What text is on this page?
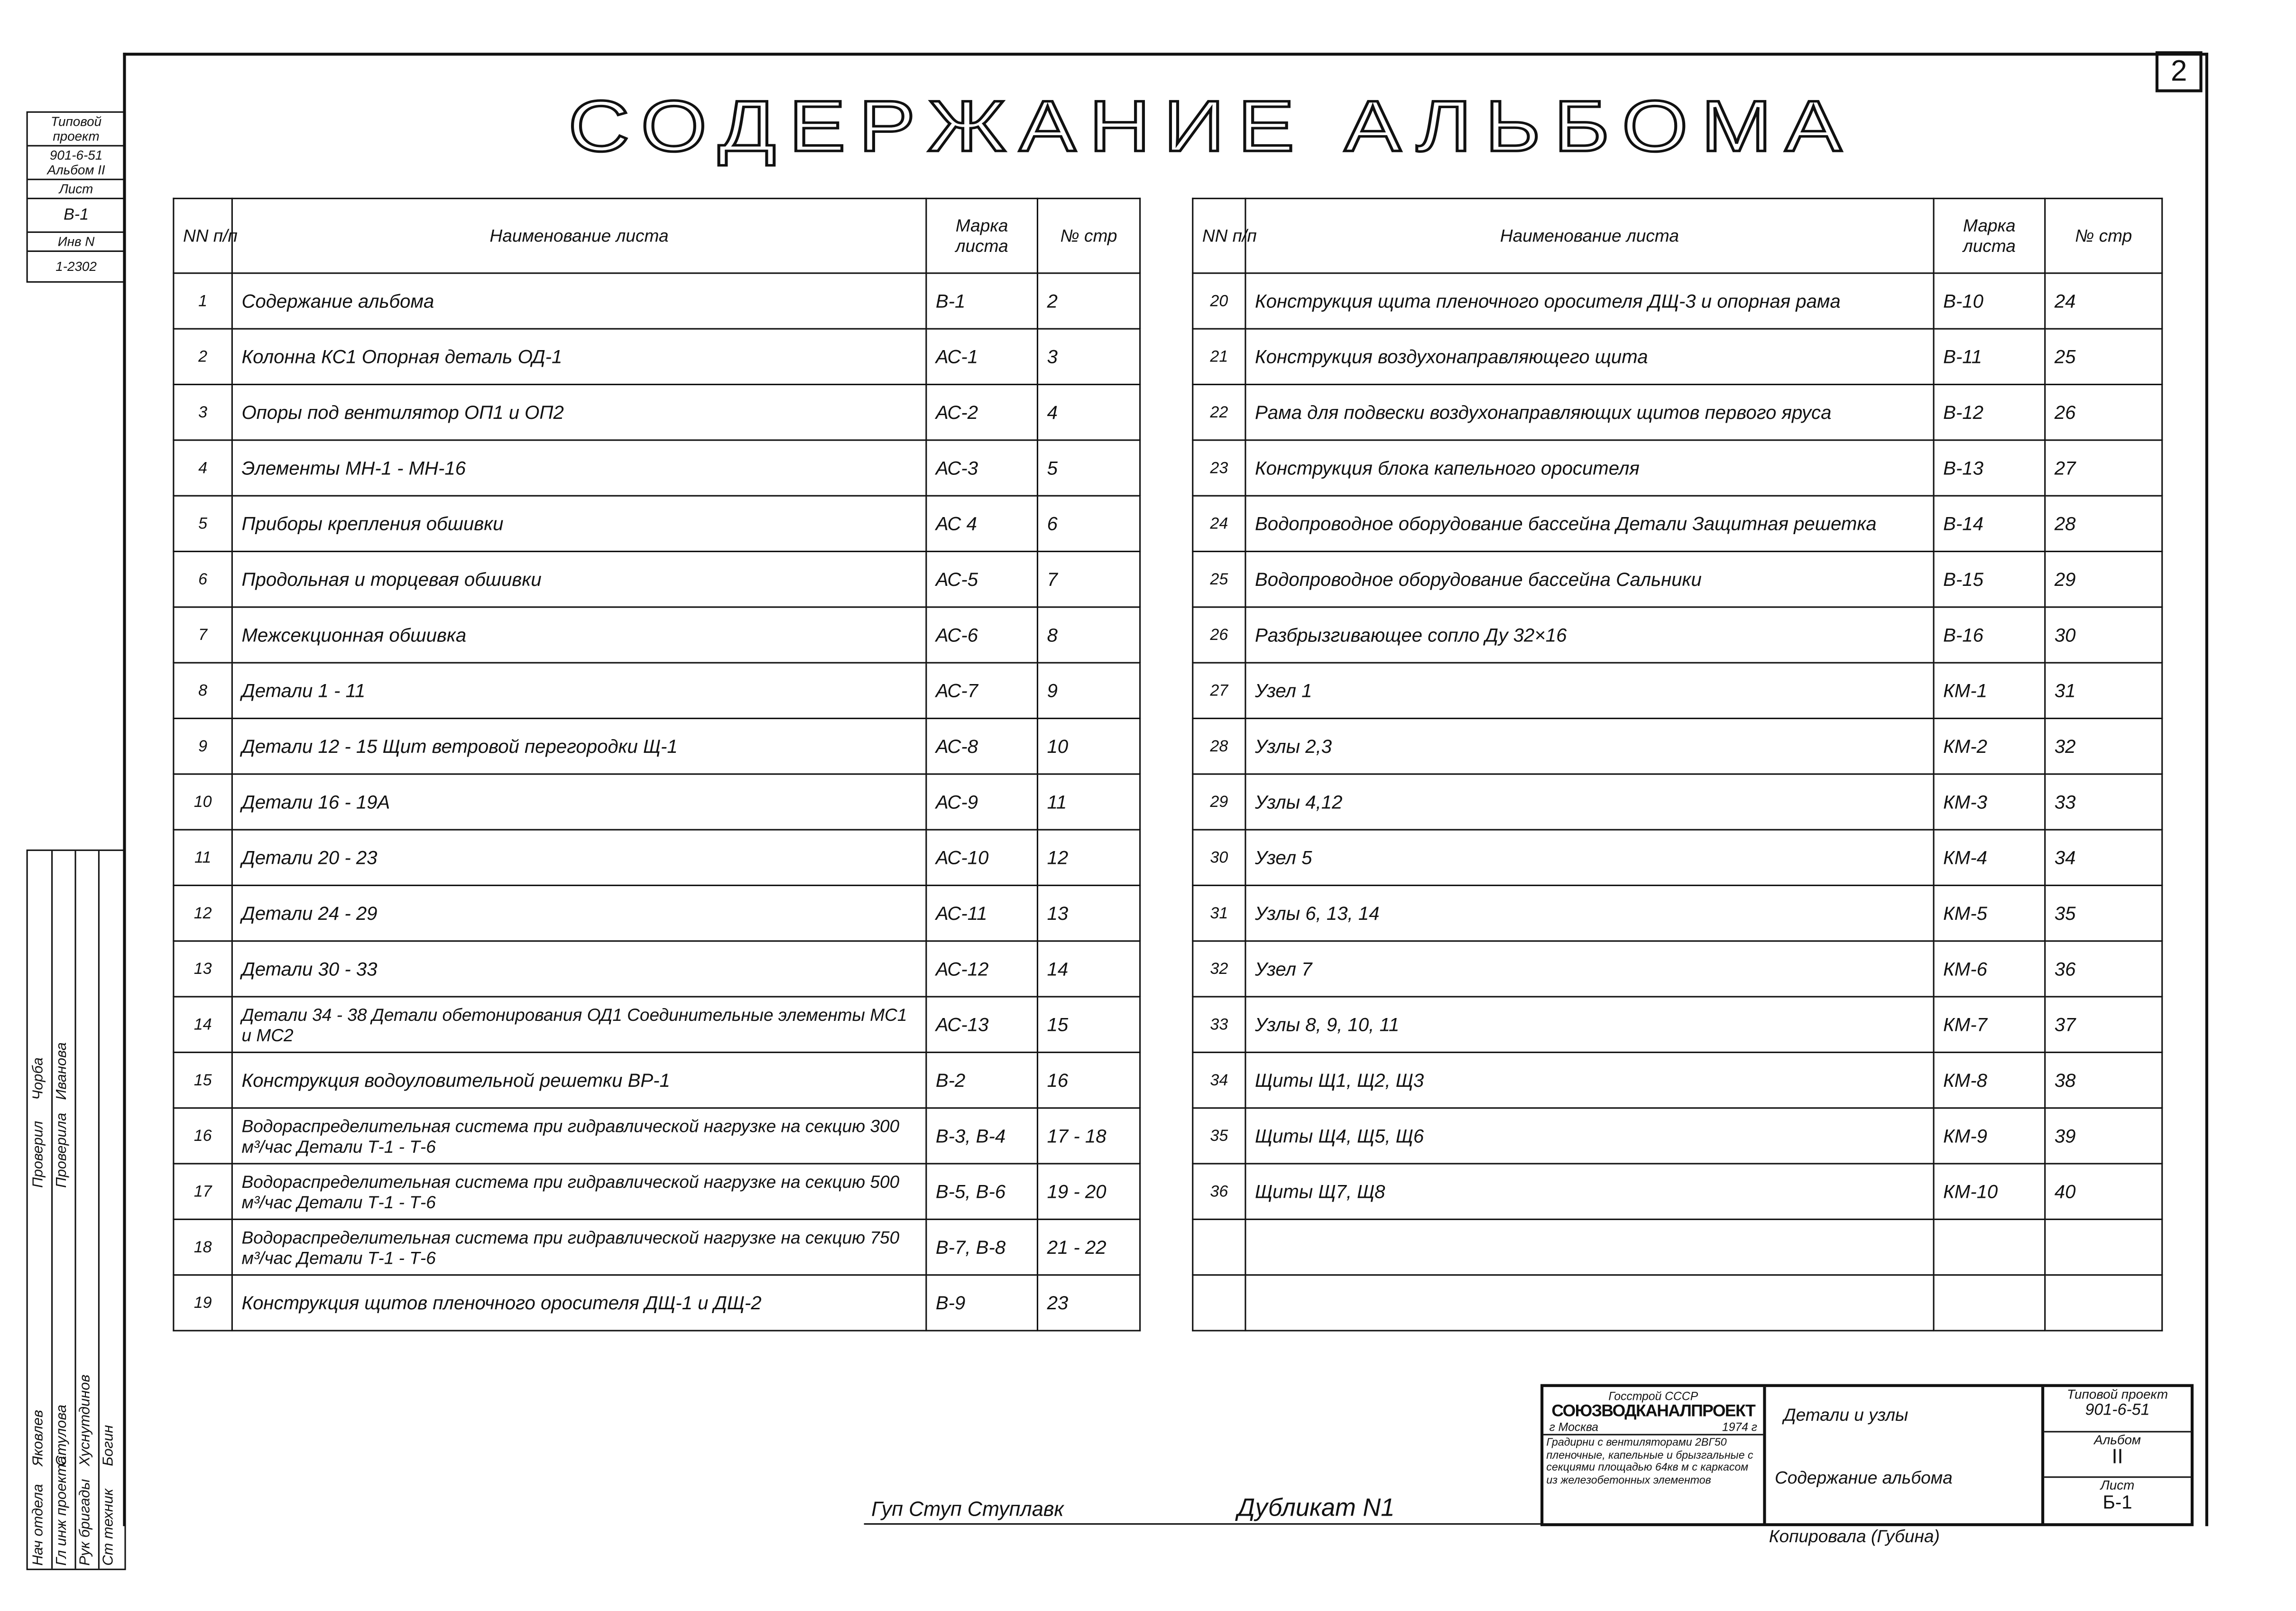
2
СОДЕРЖАНИЕ АЛЬБОМА
Типовой проект
901-6-51
Альбом II
Лист
В-1
Инв N
1-2302
NN п/п	Наименование листа	Марка листа	№ стр
1	Содержание альбома	В-1	2
2	Колонна КС1 Опорная деталь ОД-1	АС-1	3
3	Опоры под вентилятор ОП1 и ОП2	АС-2	4
4	Элементы МН-1 - МН-16	АС-3	5
5	Приборы крепления обшивки	АС 4	6
6	Продольная и торцевая обшивки	АС-5	7
7	Межсекционная обшивка	АС-6	8
8	Детали 1 - 11	АС-7	9
9	Детали 12 - 15 Щит ветровой перегородки Щ-1	АС-8	10
10	Детали 16 - 19А	АС-9	11
11	Детали 20 - 23	АС-10	12
12	Детали 24 - 29	АС-11	13
13	Детали 30 - 33	АС-12	14
14	Детали 34 - 38 Детали обетонирования ОД1 Соединительные элементы МС1 и МС2	АС-13	15
15	Конструкция водоуловительной решетки ВР-1	В-2	16
16	Водораспределительная система при гидравлической нагрузке на секцию 300 м³/час Детали Т-1 - Т-6	В-3, В-4	17 - 18
17	Водораспределительная система при гидравлической нагрузке на секцию 500 м³/час Детали Т-1 - Т-6	В-5, В-6	19 - 20
18	Водораспределительная система при гидравлической нагрузке на секцию 750 м³/час Детали Т-1 - Т-6	В-7, В-8	21 - 22
19	Конструкция щитов пленочного оросителя ДЩ-1 и ДЩ-2	В-9	23
NN п/п	Наименование листа	Марка листа	№ стр
20	Конструкция щита пленочного оросителя ДЩ-3 и опорная рама	В-10	24
21	Конструкция воздухонаправляющего щита	В-11	25
22	Рама для подвески воздухонаправляющих щитов первого яруса	В-12	26
23	Конструкция блока капельного оросителя	В-13	27
24	Водопроводное оборудование бассейна Детали Защитная решетка	В-14	28
25	Водопроводное оборудование бассейна Сальники	В-15	29
26	Разбрызгивающее сопло Ду 32×16	В-16	30
27	Узел 1	КМ-1	31
28	Узлы 2,3	КМ-2	32
29	Узлы 4,12	КМ-3	33
30	Узел 5	КМ-4	34
31	Узлы 6, 13, 14	КМ-5	35
32	Узел 7	КМ-6	36
33	Узлы 8, 9, 10, 11	КМ-7	37
34	Щиты Щ1, Щ2, Щ3	КМ-8	38
35	Щиты Щ4, Щ5, Щ6	КМ-9	39
36	Щиты Щ7, Щ8	КМ-10	40

Нач отдела Гл инж проекта Рук бригады Ст техник
Яковлев Стулова Хуснутдинов Богин
Проверил Проверила
Чорба Иванова
Гуп Ступ Ступлавк	Дубликат N1
Копировала (Губина)
Госстрой СССР
СОЮЗВОДКАНАЛПРОЕКТ
г Москва	1974 г
Градирни с вентиляторами 2ВГ50 пленочные, капельные и брызгальные с секциями площадью 64кв м с каркасом из железобетонных элементов
Детали и узлы
Содержание альбома
Типовой проект
901-6-51
Альбом
II
Лист
Б-1
